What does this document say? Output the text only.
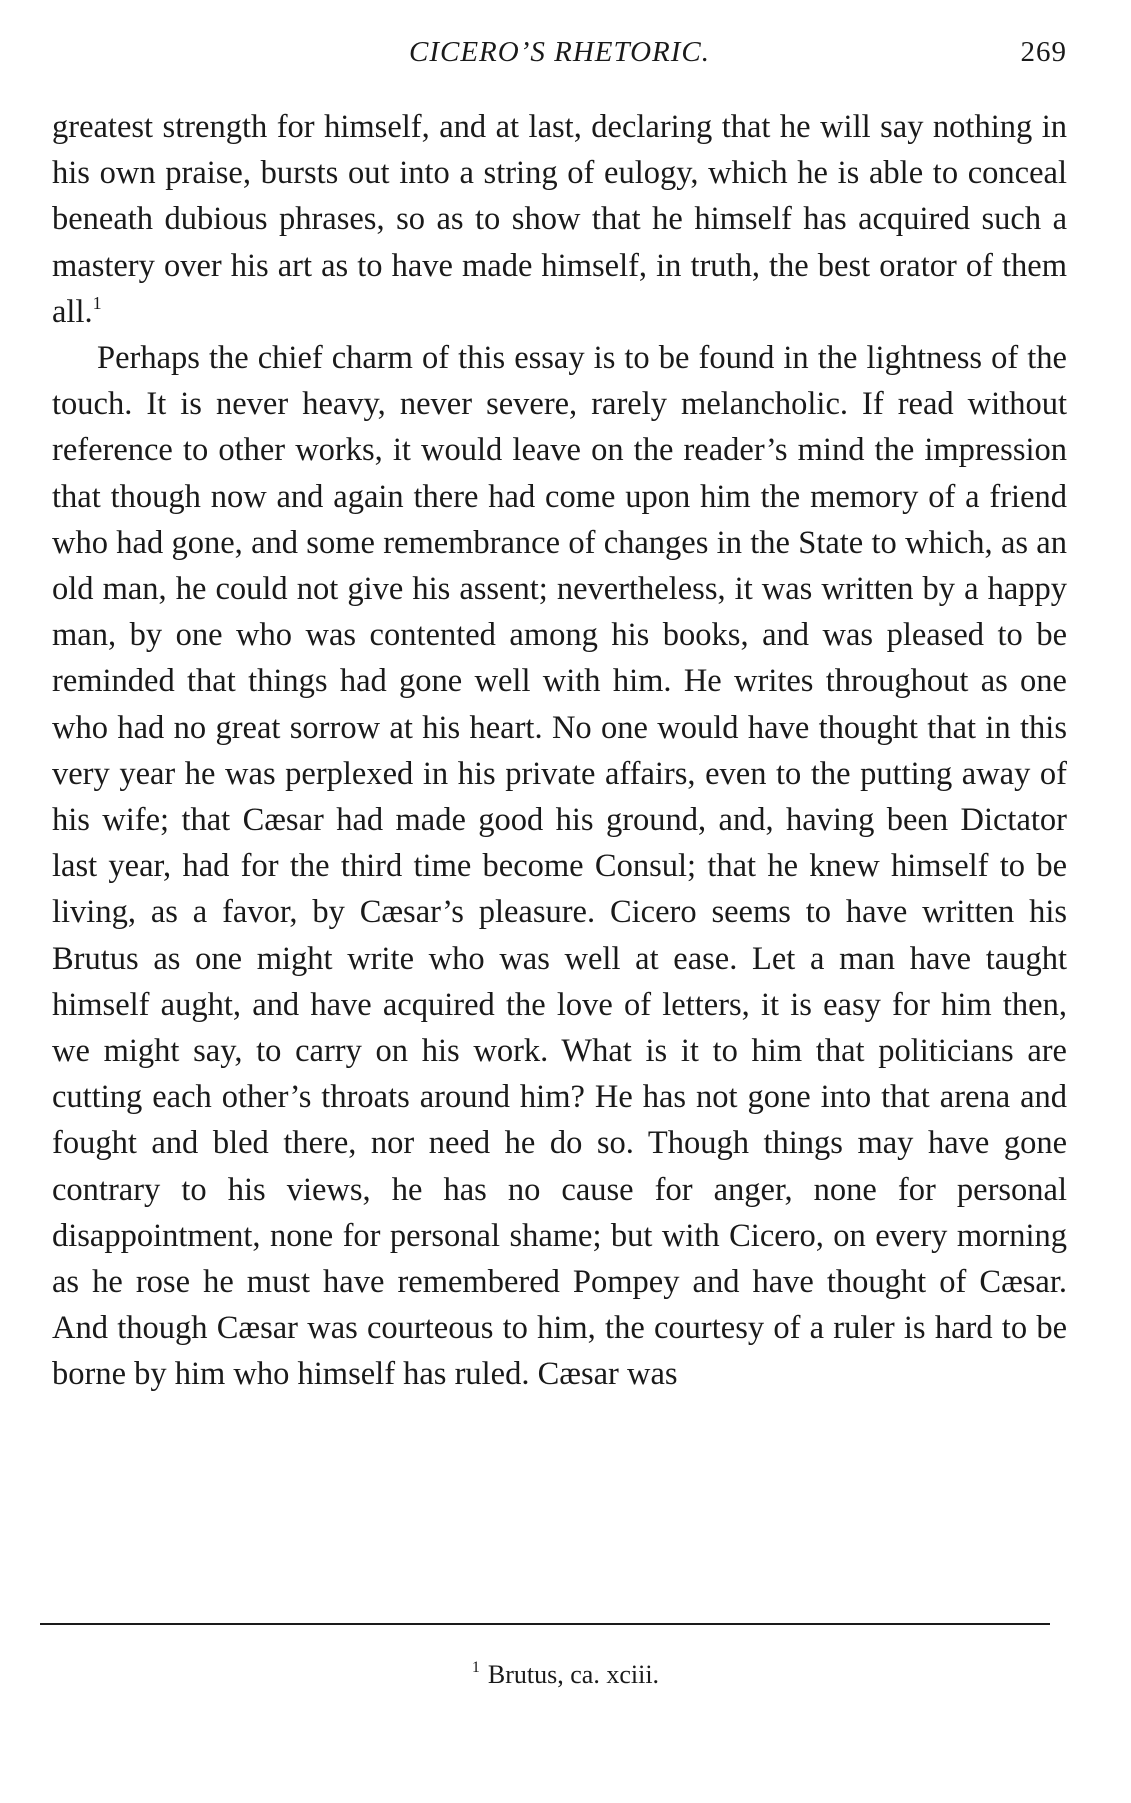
CICERO’S RHETORIC.	269

greatest strength for himself, and at last, declaring that he will say nothing in his own praise, bursts out into a string of eulogy, which he is able to conceal beneath dubious phrases, so as to show that he himself has acquired such a mastery over his art as to have made himself, in truth, the best orator of them all.$^1$

Perhaps the chief charm of this essay is to be found in the lightness of the touch. It is never heavy, never severe, rarely melancholic. If read without reference to other works, it would leave on the reader’s mind the impression that though now and again there had come upon him the memory of a friend who had gone, and some remembrance of changes in the State to which, as an old man, he could not give his assent; nevertheless, it was written by a happy man, by one who was contented among his books, and was pleased to be reminded that things had gone well with him. He writes throughout as one who had no great sorrow at his heart. No one would have thought that in this very year he was perplexed in his private affairs, even to the putting away of his wife; that Cæsar had made good his ground, and, having been Dictator last year, had for the third time become Consul; that he knew himself to be living, as a favor, by Cæsar’s pleasure. Cicero seems to have written his Brutus as one might write who was well at ease. Let a man have taught himself aught, and have acquired the love of letters, it is easy for him then, we might say, to carry on his work. What is it to him that politicians are cutting each other’s throats around him? He has not gone into that arena and fought and bled there, nor need he do so. Though things may have gone contrary to his views, he has no cause for anger, none for personal disappointment, none for personal shame; but with Cicero, on every morning as he rose he must have remembered Pompey and have thought of Cæsar. And though Cæsar was courteous to him, the courtesy of a ruler is hard to be borne by him who himself has ruled. Cæsar was

$^1$ Brutus, ca. xciii.
